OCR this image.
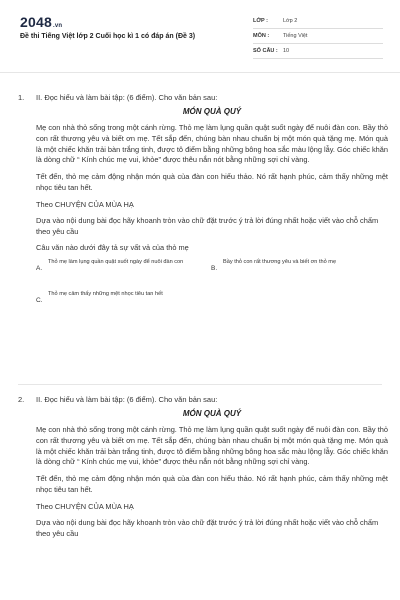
2048.vn
Đề thi Tiếng Việt lớp 2 Cuối học kì 1 có đáp án (Đề 3)
LỚP :	Lớp 2
MÔN :	Tiếng Việt
SỐ CÂU : 10
1. II. Đọc hiểu và làm bài tập: (6 điểm). Cho văn bản sau:
MÓN QUÀ QUÝ

Mẹ con nhà thỏ sống trong một cánh rừng. Thỏ mẹ làm lụng quần quật suốt ngày để nuôi đàn con. Bầy thỏ con rất thương yêu và biết ơn mẹ. Tết sắp đến, chúng bàn nhau chuẩn bị một món quà tặng mẹ. Món quà là một chiếc khăn trải bàn trắng tinh, được tô điểm bằng những bông hoa sắc màu lộng lẫy. Góc chiếc khăn là dòng chữ “ Kính chúc mẹ vui, khỏe” được thêu nắn nót bằng những sợi chỉ vàng.

Tết đến, thỏ mẹ cảm động nhận món quà của đàn con hiếu thảo. Nó rất hạnh phúc, cảm thấy những mệt nhọc tiêu tan hết.

Theo CHUYỆN CỦA MÙA HẠ

Dựa vào nội dung bài đọc hãy khoanh tròn vào chữ đặt trước ý trả lời đúng nhất hoặc viết vào chỗ chấm theo yêu cầu

Câu văn nào dưới đây tả sự vất vả của thỏ mẹ

A.
Thỏ mẹ làm lụng quần quật suốt ngày để nuôi đàn con
B.
Bầy thỏ con rất thương yêu và biết ơn thỏ mẹ
C.
Thỏ mẹ cảm thấy những mệt nhọc tiêu tan hết
2. II. Đọc hiểu và làm bài tập: (6 điểm). Cho văn bản sau:
MÓN QUÀ QUÝ

Mẹ con nhà thỏ sống trong một cánh rừng. Thỏ mẹ làm lụng quần quật suốt ngày để nuôi đàn con. Bầy thỏ con rất thương yêu và biết ơn mẹ. Tết sắp đến, chúng bàn nhau chuẩn bị một món quà tặng mẹ. Món quà là một chiếc khăn trải bàn trắng tinh, được tô điểm bằng những bông hoa sắc màu lộng lẫy. Góc chiếc khăn là dòng chữ “ Kính chúc mẹ vui, khỏe” được thêu nắn nót bằng những sợi chỉ vàng.

Tết đến, thỏ mẹ cảm động nhận món quà của đàn con hiếu thảo. Nó rất hạnh phúc, cảm thấy những mệt nhọc tiêu tan hết.

Theo CHUYỆN CỦA MÙA HẠ

Dựa vào nội dung bài đọc hãy khoanh tròn vào chữ đặt trước ý trả lời đúng nhất hoặc viết vào chỗ chấm theo yêu cầu
